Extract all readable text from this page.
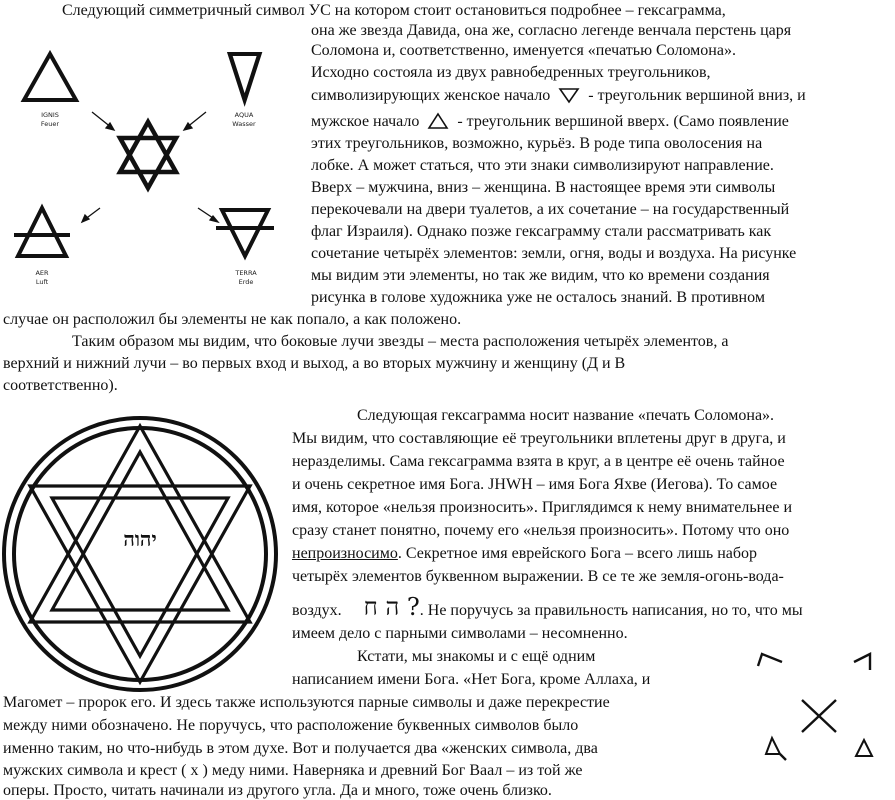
IGNIS
Feuer
AQUA
Wasser
AER
Luft
TERRA
Erde
Следующий симметричный символ УС на котором стоит остановиться подробнее – гексаграмма,
она же звезда Давида, она же, согласно легенде венчала перстень царя
Соломона и, соответственно, именуется «печатью Соломона».
Исходно состояла из двух равнобедренных треугольников,
символизирующих женское начало - треугольник вершиной вниз, и
мужское начало - треугольник вершиной вверх. (Само появление
этих треугольников, возможно, курьёз. В роде типа оволосения на
лобке. А может статься, что эти знаки символизируют направление.
Вверх – мужчина, вниз – женщина. В настоящее время эти символы
перекочевали на двери туалетов, а их сочетание – на государственный
флаг Израиля). Однако позже гексаграмму стали рассматривать как
сочетание четырёх элементов: земли, огня, воды и воздуха. На рисунке
мы видим эти элементы, но так же видим, что ко времени создания
рисунка в голове художника уже не осталось знаний. В противном
случае он расположил бы элементы не как попало, а как положено.
Таким образом мы видим, что боковые лучи звезды – места расположения четырёх элементов, а
верхний и нижний лучи – во первых вход и выход, а во вторых мужчину и женщину (Д и В
соответственно).
יהוה
Следующая гексаграмма носит название «печать Соломона».
Мы видим, что составляющие её треугольники вплетены друг в друга, и
неразделимы. Сама гексаграмма взята в круг, а в центре её очень тайное
и очень секретное имя Бога. JHWH – имя Бога Яхве (Иегова). То самое
имя, которое «нельзя произносить». Приглядимся к нему внимательнее и
сразу станет понятно, почему его «нельзя произносить». Потому что оно
непроизносимо. Секретное имя еврейского Бога – всего лишь набор
четырёх элементов буквенном выражении. В се те же земля-огонь-вода-
воздух. ה ח ?. Не поручусь за правильность написания, но то, что мы
имеем дело с парными символами – несомненно.
Кстати, мы знакомы и с ещё одним
написанием имени Бога. «Нет Бога, кроме Аллаха, и
Магомет – пророк его. И здесь также используются парные символы и даже перекрестие
между ними обозначено. Не поручусь, что расположение буквенных символов было
именно таким, но что-нибудь в этом духе. Вот и получается два «женских символа, два
мужских символа и крест ( х ) меду ними. Наверняка и древний Бог Ваал – из той же
оперы. Просто, читать начинали из другого угла. Да и много, тоже очень близко.
